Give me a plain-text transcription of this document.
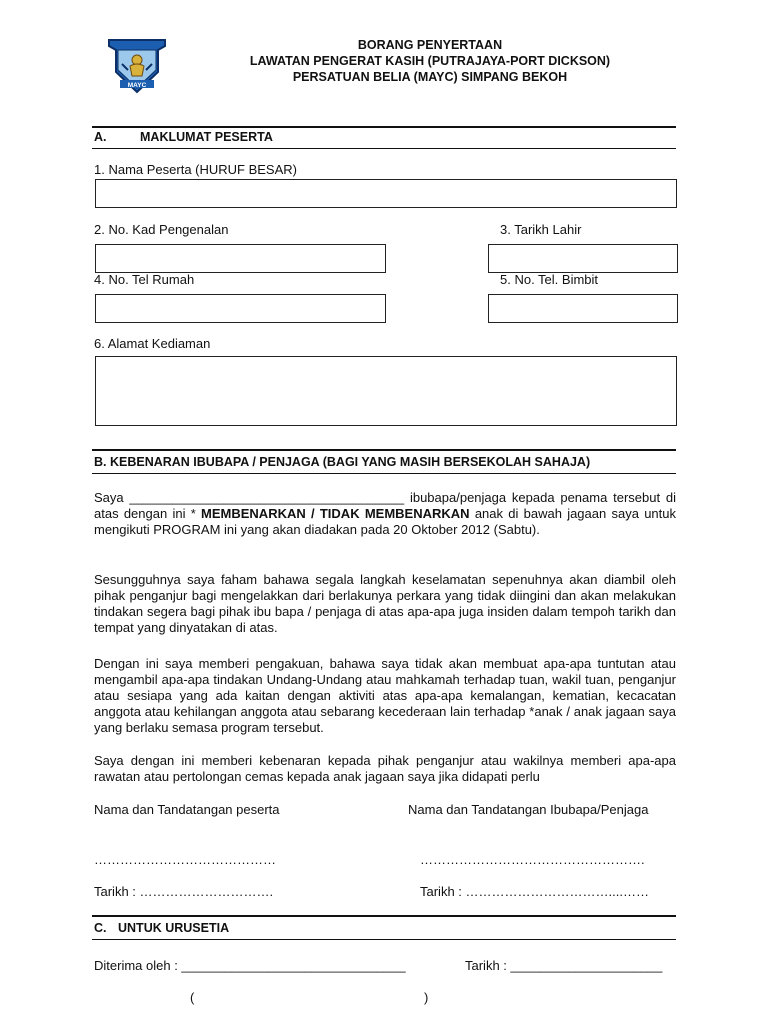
MAYC
BORANG PENYERTAAN
LAWATAN PENGERAT KASIH (PUTRAJAYA-PORT DICKSON)
PERSATUAN BELIA (MAYC) SIMPANG BEKOH
A.	MAKLUMAT PESERTA
1. Nama Peserta (HURUF BESAR)
2. No. Kad Pengenalan	3. Tarikh Lahir
4. No. Tel Rumah	5. No. Tel. Bimbit
6. Alamat Kediaman
B. KEBENARAN IBUBAPA / PENJAGA (BAGI YANG MASIH BERSEKOLAH SAHAJA)

Saya ______________________________________ ibubapa/penjaga kepada penama tersebut di atas dengan ini * MEMBENARKAN / TIDAK MEMBENARKAN anak di bawah jagaan saya untuk mengikuti PROGRAM ini yang akan diadakan pada 20 Oktober 2012 (Sabtu).

Sesungguhnya saya faham bahawa segala langkah keselamatan sepenuhnya akan diambil oleh pihak penganjur bagi mengelakkan dari berlakunya perkara yang tidak diingini dan akan melakukan tindakan segera bagi pihak ibu bapa / penjaga di atas apa-apa juga insiden dalam tempoh tarikh dan tempat yang dinyatakan di atas.

Dengan ini saya memberi pengakuan, bahawa saya tidak akan membuat apa-apa tuntutan atau mengambil apa-apa tindakan Undang-Undang atau mahkamah terhadap tuan, wakil tuan, penganjur atau sesiapa yang ada kaitan dengan aktiviti atas apa-apa kemalangan, kematian, kecacatan anggota atau kehilangan anggota atau sebarang kecederaan lain terhadap *anak / anak jagaan saya yang berlaku semasa program tersebut.

Saya dengan ini memberi kebenaran kepada pihak penganjur atau wakilnya memberi apa-apa rawatan atau pertolongan cemas kepada anak jagaan saya jika didapati perlu

Nama dan Tandatangan peserta	Nama dan Tandatangan Ibubapa/Penjaga
……………………………………	…………………………………………….
Tarikh : ………………………….	Tarikh : ……………………………....……
C. UNTUK URUSETIA
Diterima oleh : _______________________________	Tarikh : _____________________
(	)
